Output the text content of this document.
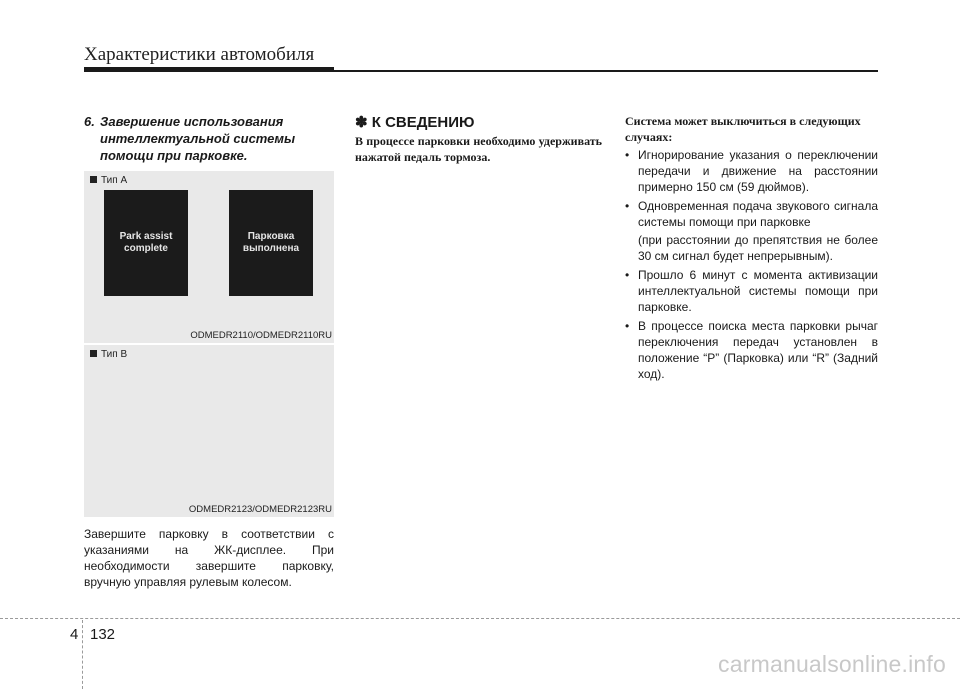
Характеристики автомобиля
6. Завершение использования интеллектуальной системы помощи при парковке.
Тип A
Park assist
complete
Парковка
выполнена
ODMEDR2110/ODMEDR2110RU
Тип B
ODMEDR2123/ODMEDR2123RU

Завершите парковку в соответствии с указаниями на ЖК-дисплее. При необходимости завершите парковку, вручную управляя рулевым колесом.

✽ К СВЕДЕНИЮ

В процессе парковки необходимо удерживать нажатой педаль тормоза.

Система может выключиться в следующих случаях:

• Игнорирование указания о переключении передачи и движение на расстоянии примерно 150 см (59 дюймов).
• Одновременная подача звукового сигнала системы помощи при парковке
(при расстоянии до препятствия не более 30 см сигнал будет непрерывным).
• Прошло 6 минут с момента активизации интеллектуальной системы помощи при парковке.
• В процессе поиска места парковки рычаг переключения передач установлен в положение “P” (Парковка) или “R” (Задний ход).
4 132
carmanualsonline.info
